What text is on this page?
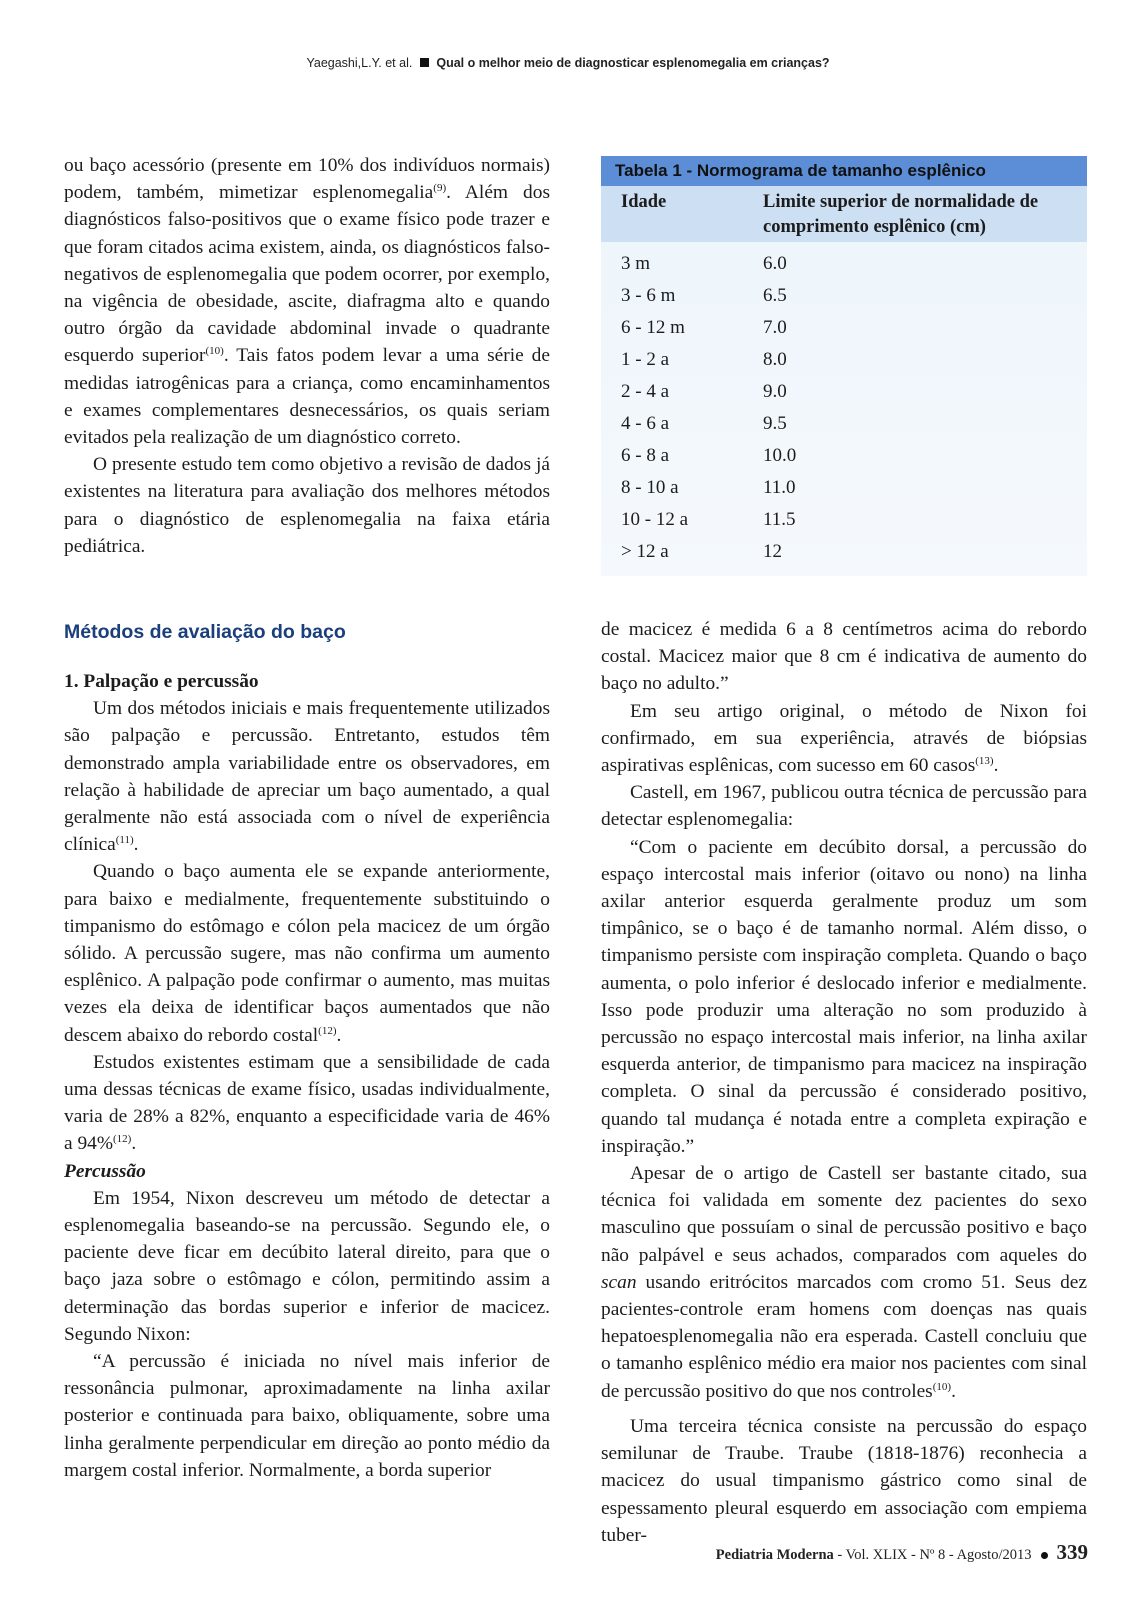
Yaegashi,L.Y. et al. Qual o melhor meio de diagnosticar esplenomegalia em crianças?

ou baço acessório (presente em 10% dos indivíduos normais) podem, também, mimetizar esplenomegalia$^{(9)}$. Além dos diagnósticos falso-positivos que o exame físico pode trazer e que foram citados acima existem, ainda, os diagnósticos falso-negativos de esplenomegalia que podem ocorrer, por exemplo, na vigência de obesidade, ascite, diafragma alto e quando outro órgão da cavidade abdominal invade o quadrante esquerdo superior$^{(10)}$. Tais fatos podem levar a uma série de medidas iatrogênicas para a criança, como encaminhamentos e exames complementares desnecessários, os quais seriam evitados pela realização de um diagnóstico correto.

O presente estudo tem como objetivo a revisão de dados já existentes na literatura para avaliação dos melhores métodos para o diagnóstico de esplenomegalia na faixa etária pediátrica.

Tabela 1 - Normograma de tamanho esplênico
Idade	Limite superior de normalidade de comprimento esplênico (cm)
3 m	6.0
3 - 6 m	6.5
6 - 12 m	7.0
1 - 2 a	8.0
2 - 4 a	9.0
4 - 6 a	9.5
6 - 8 a	10.0
8 - 10 a	11.0
10 - 12 a	11.5
> 12 a	12
Métodos de avaliação do baço

1. Palpação e percussão

Um dos métodos iniciais e mais frequentemente utilizados são palpação e percussão. Entretanto, estudos têm demonstrado ampla variabilidade entre os observadores, em relação à habilidade de apreciar um baço aumentado, a qual geralmente não está associada com o nível de experiência clínica$^{(11)}$.

Quando o baço aumenta ele se expande anteriormente, para baixo e medialmente, frequentemente substituindo o timpanismo do estômago e cólon pela macicez de um órgão sólido. A percussão sugere, mas não confirma um aumento esplênico. A palpação pode confirmar o aumento, mas muitas vezes ela deixa de identificar baços aumentados que não descem abaixo do rebordo costal$^{(12)}$.

Estudos existentes estimam que a sensibilidade de cada uma dessas técnicas de exame físico, usadas individualmente, varia de 28% a 82%, enquanto a especificidade varia de 46% a 94%$^{(12)}$.

Percussão

Em 1954, Nixon descreveu um método de detectar a esplenomegalia baseando-se na percussão. Segundo ele, o paciente deve ficar em decúbito lateral direito, para que o baço jaza sobre o estômago e cólon, permitindo assim a determinação das bordas superior e inferior de macicez. Segundo Nixon:

“A percussão é iniciada no nível mais inferior de ressonância pulmonar, aproximadamente na linha axilar posterior e continuada para baixo, obliquamente, sobre uma linha geralmente perpendicular em direção ao ponto médio da margem costal inferior. Normalmente, a borda superior

de macicez é medida 6 a 8 centímetros acima do rebordo costal. Macicez maior que 8 cm é indicativa de aumento do baço no adulto.”

Em seu artigo original, o método de Nixon foi confirmado, em sua experiência, através de biópsias aspirativas esplênicas, com sucesso em 60 casos$^{(13)}$.

Castell, em 1967, publicou outra técnica de percussão para detectar esplenomegalia:

“Com o paciente em decúbito dorsal, a percussão do espaço intercostal mais inferior (oitavo ou nono) na linha axilar anterior esquerda geralmente produz um som timpânico, se o baço é de tamanho normal. Além disso, o timpanismo persiste com inspiração completa. Quando o baço aumenta, o polo inferior é deslocado inferior e medialmente. Isso pode produzir uma alteração no som produzido à percussão no espaço intercostal mais inferior, na linha axilar esquerda anterior, de timpanismo para macicez na inspiração completa. O sinal da percussão é considerado positivo, quando tal mudança é notada entre a completa expiração e inspiração.”

Apesar de o artigo de Castell ser bastante citado, sua técnica foi validada em somente dez pacientes do sexo masculino que possuíam o sinal de percussão positivo e baço não palpável e seus achados, comparados com aqueles do scan usando eritrócitos marcados com cromo 51. Seus dez pacientes-controle eram homens com doenças nas quais hepatoesplenomegalia não era esperada. Castell concluiu que o tamanho esplênico médio era maior nos pacientes com sinal de percussão positivo do que nos controles$^{(10)}$.

Uma terceira técnica consiste na percussão do espaço semilunar de Traube. Traube (1818-1876) reconhecia a macicez do usual timpanismo gástrico como sinal de espessamento pleural esquerdo em associação com empiema tuber-

Pediatria Moderna
- Vol. XLIX - Nº 8 - Agosto/2013 339
